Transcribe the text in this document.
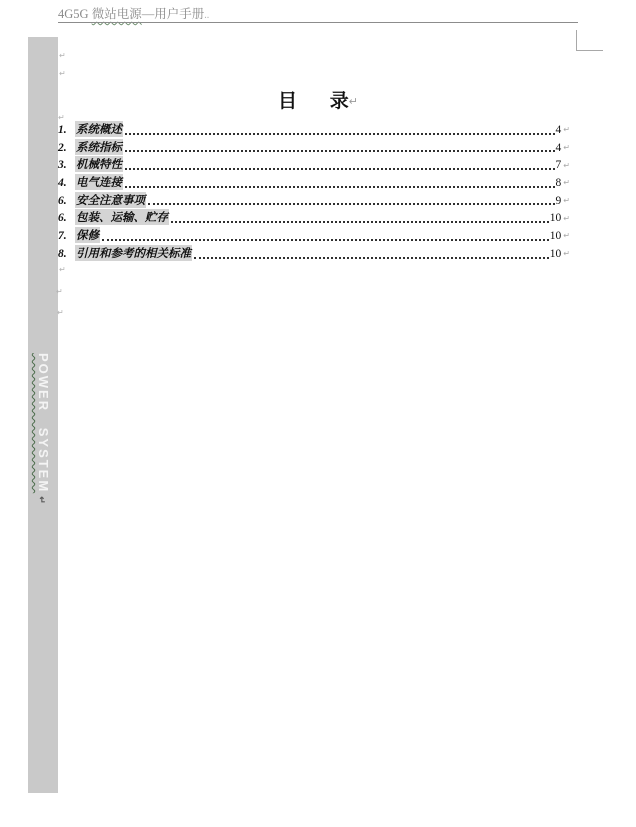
4G5G 微站电源—用户手册..
POWER SYSTEM↵
目 录↵
1. 系统概述	4 ↵
2. 系统指标	4 ↵
3. 机械特性	7 ↵
4. 电气连接	8 ↵
6. 安全注意事项	9 ↵
6. 包装、运输、贮存	10 ↵
7. 保修	10 ↵
8. 引用和参考的相关标准	10 ↵
↵
↵
↵
↵
↵
↵
